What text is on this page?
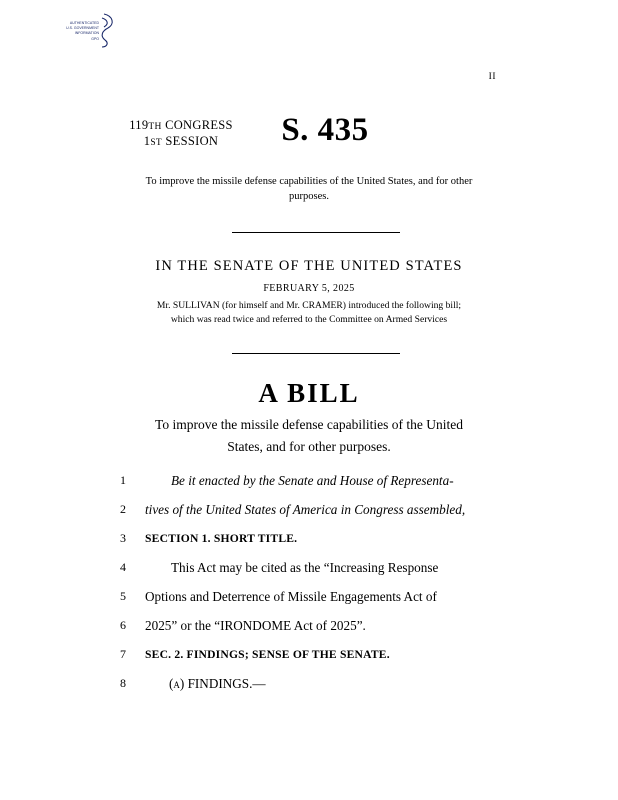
AUTHENTICATED
U.S. GOVERNMENT
INFORMATION
GPO
II
119TH CONGRESS
1ST SESSION	S. 435
To improve the missile defense capabilities of the United States, and for other purposes.
IN THE SENATE OF THE UNITED STATES
FEBRUARY 5, 2025
Mr. SULLIVAN (for himself and Mr. CRAMER) introduced the following bill;
which was read twice and referred to the Committee on Armed Services
A BILL
To improve the missile defense capabilities of the United
States, and for other purposes.
1	Be it enacted by the Senate and House of Representa-
2 tives of the United States of America in Congress assembled,
3 SECTION 1. SHORT TITLE.
4	This Act may be cited as the “Increasing Response
5 Options and Deterrence of Missile Engagements Act of
6 2025” or the “IRONDOME Act of 2025”.
7 SEC. 2. FINDINGS; SENSE OF THE SENATE.
8	(a) FINDINGS.—
